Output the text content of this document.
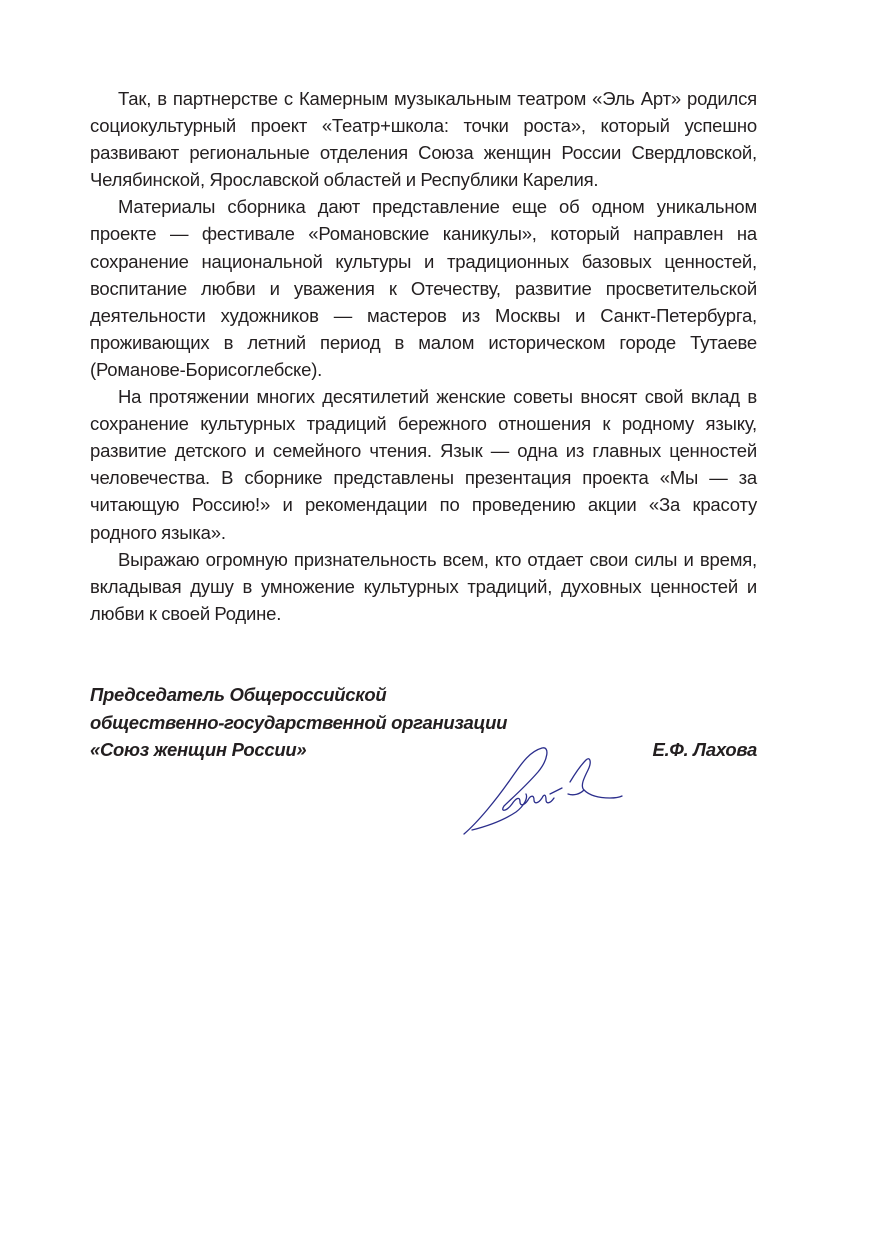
Так, в партнерстве с Камерным музыкальным театром «Эль Арт» родился социокультурный проект «Театр+школа: точки роста», который успешно развивают региональные отделения Союза женщин России Свердловской, Челябинской, Ярославской областей и Республики Карелия.

Материалы сборника дают представление еще об одном уникальном проекте — фестивале «Романовские каникулы», который направлен на сохранение национальной культуры и традиционных базовых ценностей, воспитание любви и уважения к Отечеству, развитие просветительской деятельности художников — мастеров из Москвы и Санкт-Петербурга, проживающих в летний период в малом историческом городе Тутаеве (Романове-Борисоглебске).

На протяжении многих десятилетий женские советы вносят свой вклад в сохранение культурных традиций бережного отношения к родному языку, развитие детского и семейного чтения. Язык — одна из главных ценностей человечества. В сборнике представлены презентация проекта «Мы — за читающую Россию!» и рекомендации по проведению акции «За красоту родного языка».

Выражаю огромную признательность всем, кто отдает свои силы и время, вкладывая душу в умножение культурных традиций, духовных ценностей и любви к своей Родине.

Председатель Общероссийской
общественно-государственной организации
«Союз женщин России»	Е.Ф. Лахова
